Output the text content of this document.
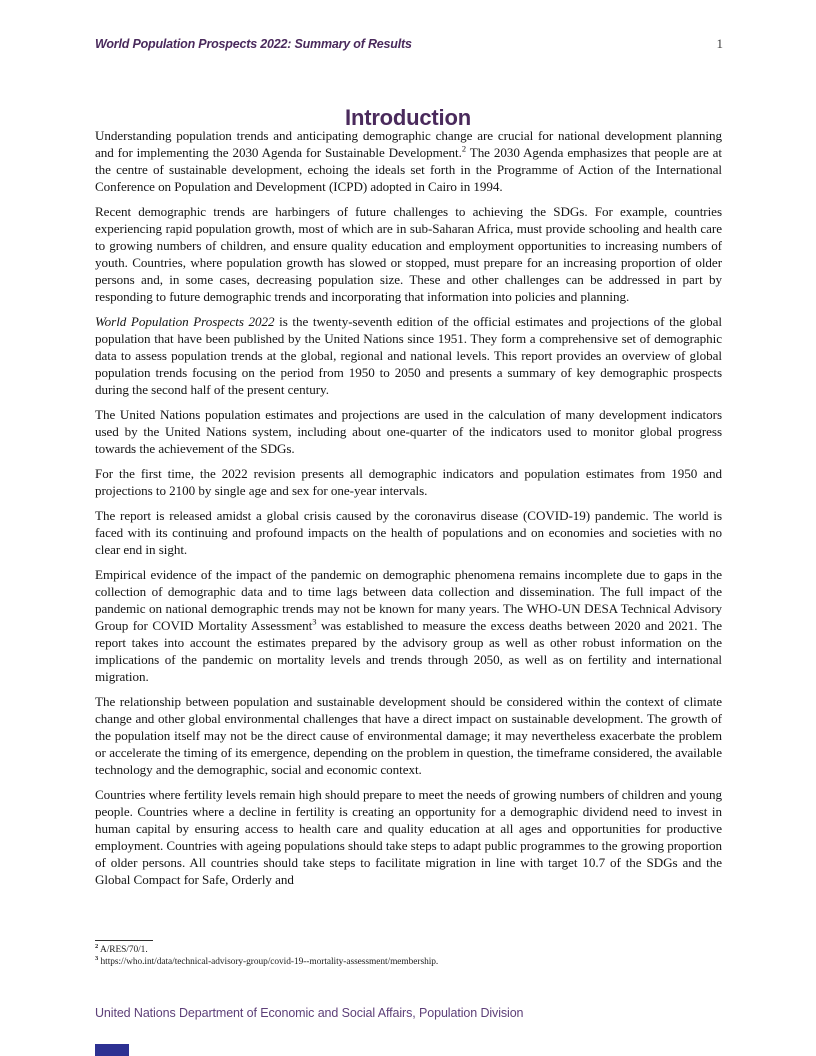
World Population Prospects 2022: Summary of Results	1
Introduction

Understanding population trends and anticipating demographic change are crucial for national development planning and for implementing the 2030 Agenda for Sustainable Development.$^2$ The 2030 Agenda emphasizes that people are at the centre of sustainable development, echoing the ideals set forth in the Programme of Action of the International Conference on Population and Development (ICPD) adopted in Cairo in 1994.

Recent demographic trends are harbingers of future challenges to achieving the SDGs. For example, countries experiencing rapid population growth, most of which are in sub-Saharan Africa, must provide schooling and health care to growing numbers of children, and ensure quality education and employment opportunities to increasing numbers of youth. Countries, where population growth has slowed or stopped, must prepare for an increasing proportion of older persons and, in some cases, decreasing population size. These and other challenges can be addressed in part by responding to future demographic trends and incorporating that information into policies and planning.

World Population Prospects 2022 is the twenty-seventh edition of the official estimates and projections of the global population that have been published by the United Nations since 1951. They form a comprehensive set of demographic data to assess population trends at the global, regional and national levels. This report provides an overview of global population trends focusing on the period from 1950 to 2050 and presents a summary of key demographic prospects during the second half of the present century.

The United Nations population estimates and projections are used in the calculation of many development indicators used by the United Nations system, including about one-quarter of the indicators used to monitor global progress towards the achievement of the SDGs.

For the first time, the 2022 revision presents all demographic indicators and population estimates from 1950 and projections to 2100 by single age and sex for one-year intervals.

The report is released amidst a global crisis caused by the coronavirus disease (COVID-19) pandemic. The world is faced with its continuing and profound impacts on the health of populations and on economies and societies with no clear end in sight.

Empirical evidence of the impact of the pandemic on demographic phenomena remains incomplete due to gaps in the collection of demographic data and to time lags between data collection and dissemination. The full impact of the pandemic on national demographic trends may not be known for many years. The WHO-UN DESA Technical Advisory Group for COVID Mortality Assessment$^3$ was established to measure the excess deaths between 2020 and 2021. The report takes into account the estimates prepared by the advisory group as well as other robust information on the implications of the pandemic on mortality levels and trends through 2050, as well as on fertility and international migration.

The relationship between population and sustainable development should be considered within the context of climate change and other global environmental challenges that have a direct impact on sustainable development. The growth of the population itself may not be the direct cause of environmental damage; it may nevertheless exacerbate the problem or accelerate the timing of its emergence, depending on the problem in question, the timeframe considered, the available technology and the demographic, social and economic context.

Countries where fertility levels remain high should prepare to meet the needs of growing numbers of children and young people. Countries where a decline in fertility is creating an opportunity for a demographic dividend need to invest in human capital by ensuring access to health care and quality education at all ages and opportunities for productive employment. Countries with ageing populations should take steps to adapt public programmes to the growing proportion of older persons. All countries should take steps to facilitate migration in line with target 10.7 of the SDGs and the Global Compact for Safe, Orderly and

$^2$ A/RES/70/1.
$^3$ https://who.int/data/technical-advisory-group/covid-19--mortality-assessment/membership.
United Nations Department of Economic and Social Affairs, Population Division
